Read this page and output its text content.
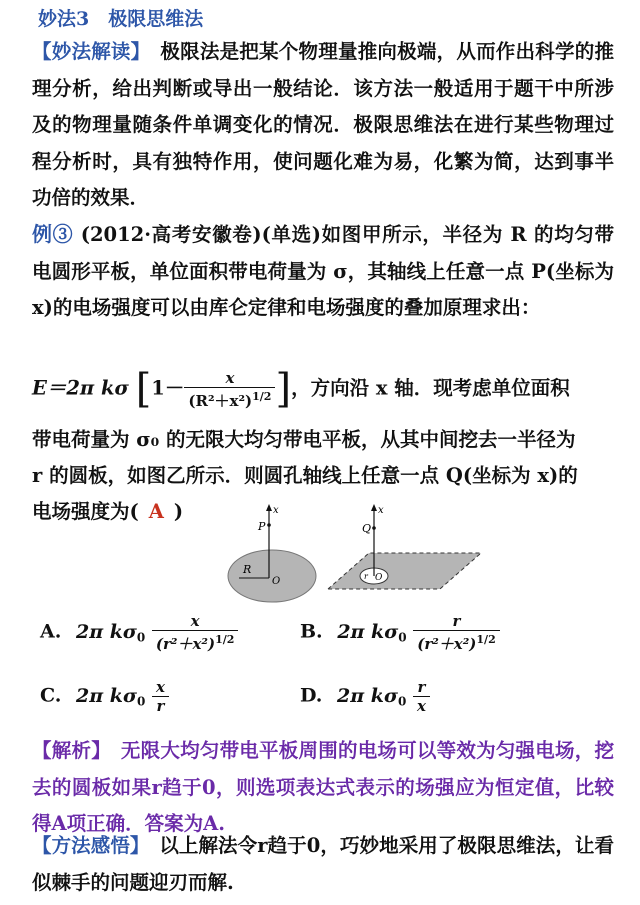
妙法3　极限思维法
【妙法解读】　极限法是把某个物理量推向极端，从而作出科学的推理分析，给出判断或导出一般结论．该方法一般适用于题干中所涉及的物理量随条件单调变化的情况．极限思维法在进行某些物理过程分析时，具有独特作用，使问题化难为易，化繁为简，达到事半功倍的效果．
例③ (2012·高考安徽卷)(单选)如图甲所示，半径为 R 的均匀带电圆形平板，单位面积带电荷量为 σ，其轴线上任意一点 P(坐标为 x)的电场强度可以由库仑定律和电场强度的叠加原理求出：
E＝2π kσ [$1- \frac{x}{(R^2+x^2)^{1/2}}$ ]，方向沿 x 轴．现考虑单位面积
带电荷量为 σ₀ 的无限大均匀带电平板，从其中间挖去一半径为
r 的圆板，如图乙所示．则圆孔轴线上任意一点 Q(坐标为 x)的
电场强度为( A )	x
P
R
O
x
Q
r O
A. 2π $k\sigma_0 \frac{x}{(r^2+x^2)^{1/2}}$	B. 2π $k\sigma_0 \frac{r}{(r^2+x^2)^{1/2}}$
C. 2π $k\sigma_0 \frac{x}{r}$	D. 2π $k\sigma_0 \frac{r}{x}$
【解析】　无限大均匀带电平板周围的电场可以等效为匀强电场，挖去的圆板如果r趋于0，则选项表达式表示的场强应为恒定值，比较得A项正确．答案为A.
【方法感悟】　以上解法令r趋于0，巧妙地采用了极限思维法，让看似棘手的问题迎刃而解.
